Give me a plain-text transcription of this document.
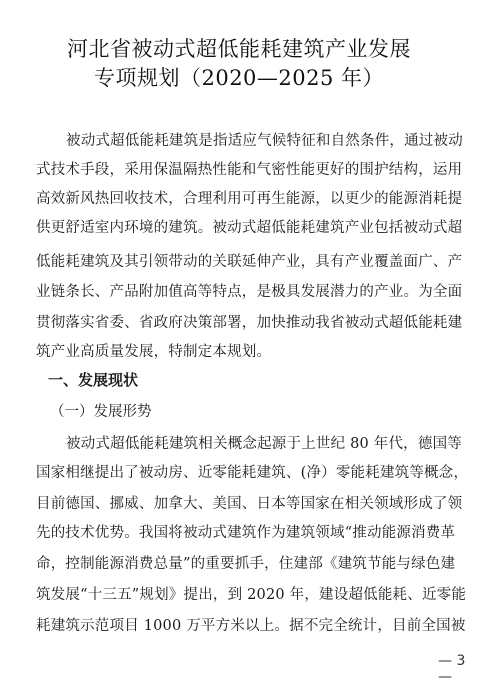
河北省被动式超低能耗建筑产业发展
专项规划（2020—2025 年）
被动式超低能耗建筑是指适应气候特征和自然条件，通过被动
式技术手段，采用保温隔热性能和气密性能更好的围护结构，运用
高效新风热回收技术，合理利用可再生能源，以更少的能源消耗提
供更舒适室内环境的建筑。被动式超低能耗建筑产业包括被动式超
低能耗建筑及其引领带动的关联延伸产业，具有产业覆盖面广、产
业链条长、产品附加值高等特点，是极具发展潜力的产业。为全面
贯彻落实省委、省政府决策部署，加快推动我省被动式超低能耗建
筑产业高质量发展，特制定本规划。
一、发展现状
（一）发展形势
被动式超低能耗建筑相关概念起源于上世纪 80 年代，德国等
国家相继提出了被动房、近零能耗建筑、(净）零能耗建筑等概念，
目前德国、挪威、加拿大、美国、日本等国家在相关领域形成了领
先的技术优势。我国将被动式建筑作为建筑领域“推动能源消费革
命，控制能源消费总量”的重要抓手，住建部《建筑节能与绿色建
筑发展“十三五”规划》提出，到 2020 年，建设超低能耗、近零能
耗建筑示范项目 1000 万平方米以上。据不完全统计，目前全国被
— 3 —
